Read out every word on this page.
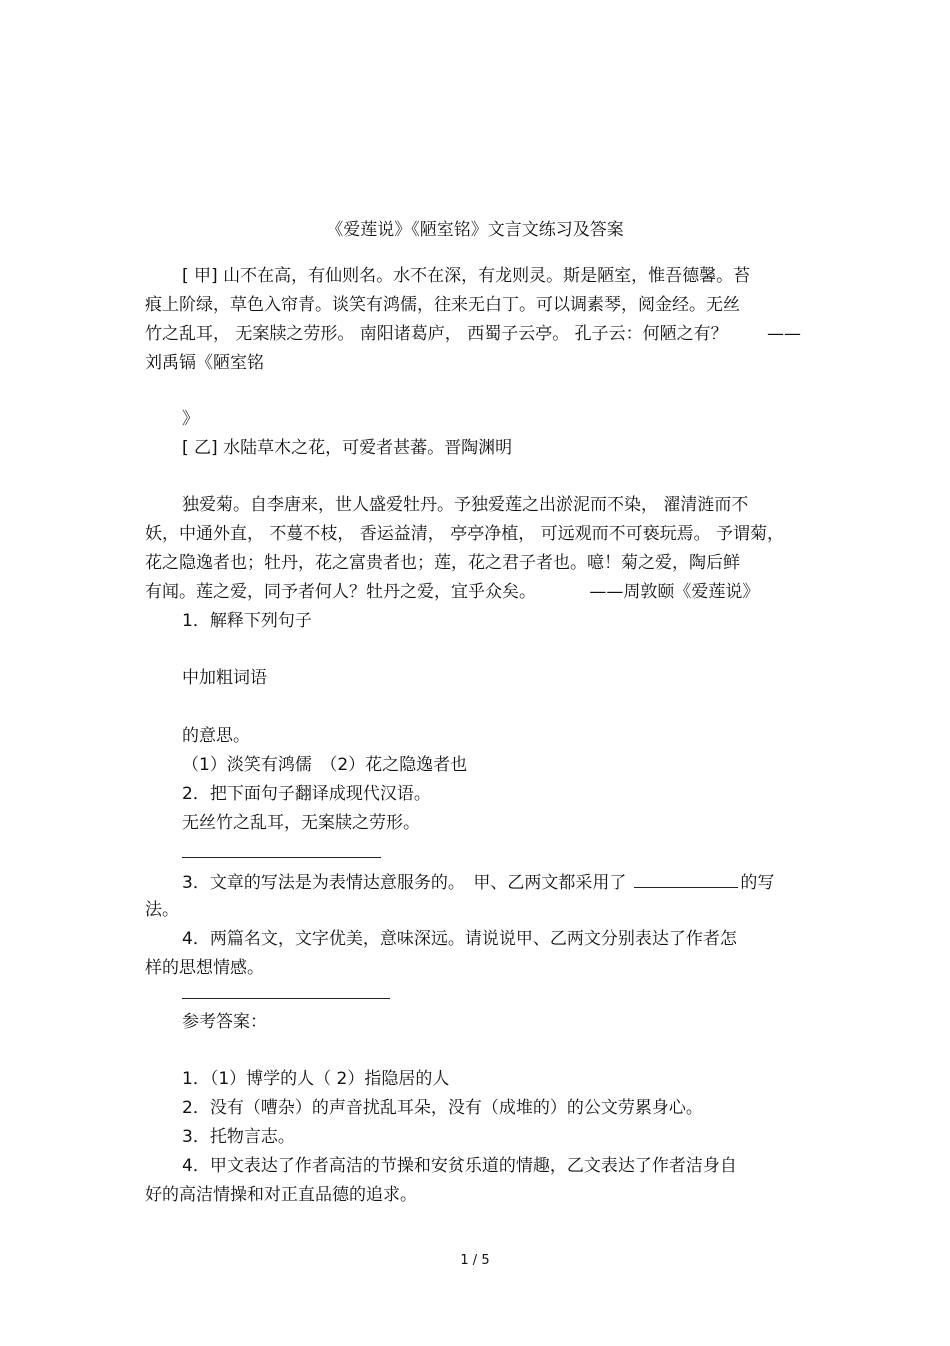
《爱莲说》《陋室铭》文言文练习及答案
[ 甲] 山不在高，有仙则名。水不在深，有龙则灵。斯是陋室，惟吾德馨。苔
痕上阶绿，草色入帘青。谈笑有鸿儒，往来无白丁。可以调素琴，阅金经。无丝
竹之乱耳， 无案牍之劳形。 南阳诸葛庐， 西蜀子云亭。 孔子云：何陋之有？ ——
刘禹镉《陋室铭
》
[ 乙] 水陆草木之花，可爱者甚蕃。晋陶渊明
独爱菊。自李唐来，世人盛爱牡丹。予独爱莲之出淤泥而不染， 濯清涟而不
妖，中通外直， 不蔓不枝， 香运益清， 亭亭净植， 可远观而不可亵玩焉。 予谓菊，
花之隐逸者也；牡丹，花之富贵者也；莲，花之君子者也。噫！菊之爱，陶后鲜
有闻。莲之爱，同予者何人？牡丹之爱，宜乎众矣。	——周敦颐《爱莲说》
1．解释下列句子
中加粗词语
的意思。
（1）淡笑有鸿儒　（2）花之隐逸者也
2．把下面句子翻译成现代汉语。
无丝竹之乱耳，无案牍之劳形。
3．文章的写法是为表情达意服务的。　甲、乙两文都采用了	的写
法。
4．两篇名文，文字优美，意味深远。请说说甲、乙两文分别表达了作者怎
样的思想情感。
参考答案：
1．（1）博学的人（ 2）指隐居的人
2．没有（嘈杂）的声音扰乱耳朵，没有（成堆的）的公文劳累身心。
3．托物言志。
4．甲文表达了作者高洁的节操和安贫乐道的情趣，乙文表达了作者洁身自
好的高洁情操和对正直品德的追求。
1 / 5
